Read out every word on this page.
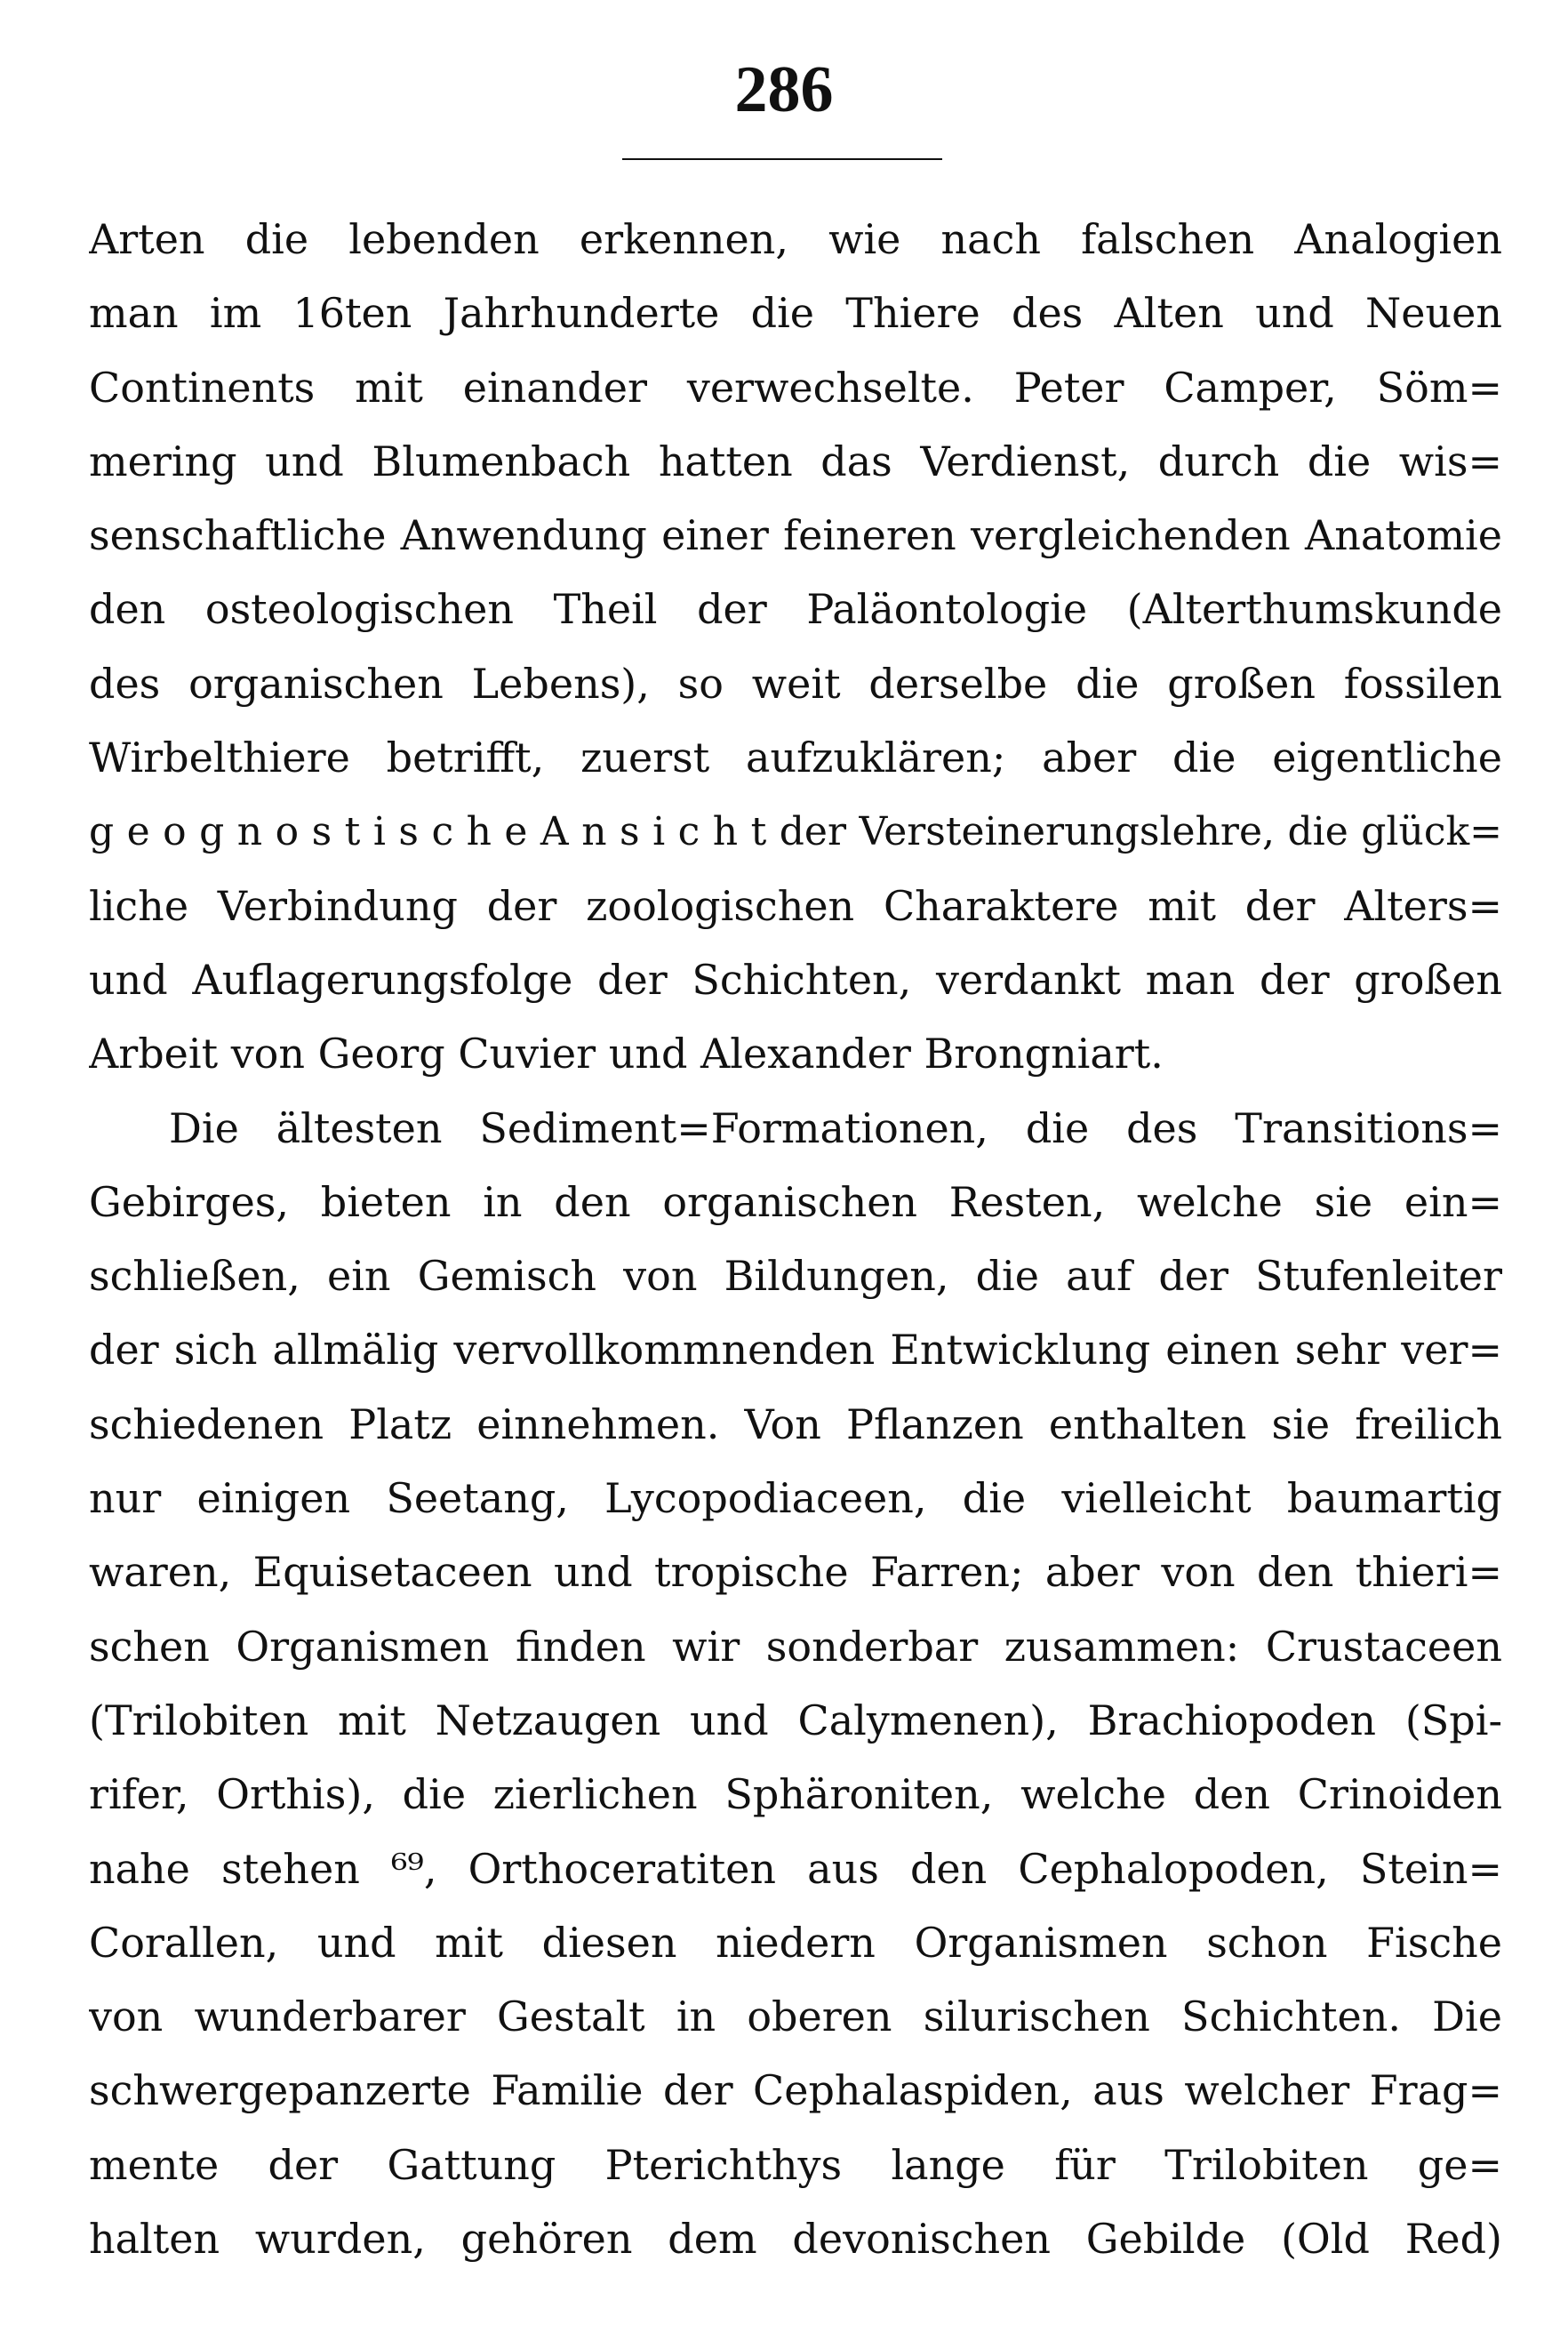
286
Arten die lebenden erkennen, wie nach falschen Analogien
man im 16ten Jahrhunderte die Thiere des Alten und Neuen
Continents mit einander verwechselte. Peter Camper, Söm=
mering und Blumenbach hatten das Verdienst, durch die wis=
senschaftliche Anwendung einer feineren vergleichenden Anatomie
den osteologischen Theil der Paläontologie (Alterthumskunde
des organischen Lebens), so weit derselbe die großen fossilen
Wirbelthiere betrifft, zuerst aufzuklären; aber die eigentliche
g e o g n o s t i s c h e A n s i c h t der Versteinerungslehre, die glück=
liche Verbindung der zoologischen Charaktere mit der Alters=
und Auflagerungsfolge der Schichten, verdankt man der großen
Arbeit von Georg Cuvier und Alexander Brongniart.
Die ältesten Sediment=Formationen, die des Transitions=
Gebirges, bieten in den organischen Resten, welche sie ein=
schließen, ein Gemisch von Bildungen, die auf der Stufenleiter
der sich allmälig vervollkommnenden Entwicklung einen sehr ver=
schiedenen Platz einnehmen. Von Pflanzen enthalten sie freilich
nur einigen Seetang, Lycopodiaceen, die vielleicht baumartig
waren, Equisetaceen und tropische Farren; aber von den thieri=
schen Organismen finden wir sonderbar zusammen: Crustaceen
(Trilobiten mit Netzaugen und Calymenen), Brachiopoden (Spi-
rifer, Orthis), die zierlichen Sphäroniten, welche den Crinoiden
nahe stehen ⁶⁹, Orthoceratiten aus den Cephalopoden, Stein=
Corallen, und mit diesen niedern Organismen schon Fische
von wunderbarer Gestalt in oberen silurischen Schichten. Die
schwergepanzerte Familie der Cephalaspiden, aus welcher Frag=
mente der Gattung Pterichthys lange für Trilobiten ge=
halten wurden, gehören dem devonischen Gebilde (Old Red)
